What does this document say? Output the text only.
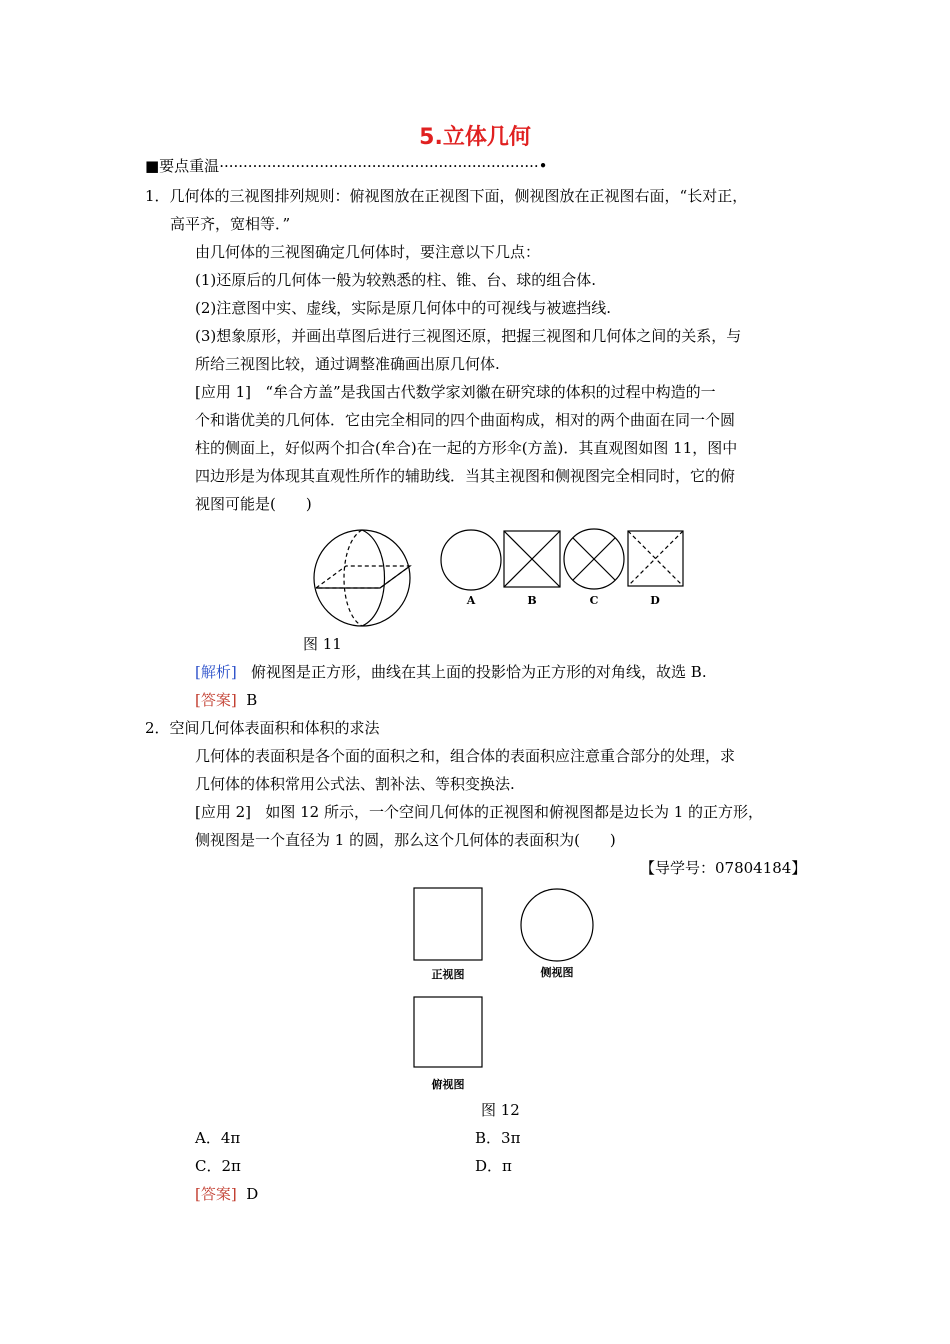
5.立体几何
■要点重温···································································•
1．几何体的三视图排列规则：俯视图放在正视图下面，侧视图放在正视图右面，“长对正，
高平齐，宽相等．”
由几何体的三视图确定几何体时，要注意以下几点：
(1)还原后的几何体一般为较熟悉的柱、锥、台、球的组合体.
(2)注意图中实、虚线，实际是原几何体中的可视线与被遮挡线.
(3)想象原形，并画出草图后进行三视图还原，把握三视图和几何体之间的关系，与
所给三视图比较，通过调整准确画出原几何体.
[应用 1] “牟合方盖”是我国古代数学家刘徽在研究球的体积的过程中构造的一
个和谐优美的几何体．它由完全相同的四个曲面构成，相对的两个曲面在同一个圆
柱的侧面上，好似两个扣合(牟合)在一起的方形伞(方盖)．其直观图如图 11，图中
四边形是为体现其直观性所作的辅助线．当其主视图和侧视图完全相同时，它的俯
视图可能是(　　)
A	B	C	D
图 11
[解析] 俯视图是正方形，曲线在其上面的投影恰为正方形的对角线，故选 B.
[答案] B
2．空间几何体表面积和体积的求法
几何体的表面积是各个面的面积之和，组合体的表面积应注意重合部分的处理，求
几何体的体积常用公式法、割补法、等积变换法.
[应用 2] 如图 12 所示，一个空间几何体的正视图和俯视图都是边长为 1 的正方形，
侧视图是一个直径为 1 的圆，那么这个几何体的表面积为(　　)
【导学号：07804184】
正视图	侧视图
俯视图
图 12
A．4π	B．3π
C．2π	D．π
[答案] D
